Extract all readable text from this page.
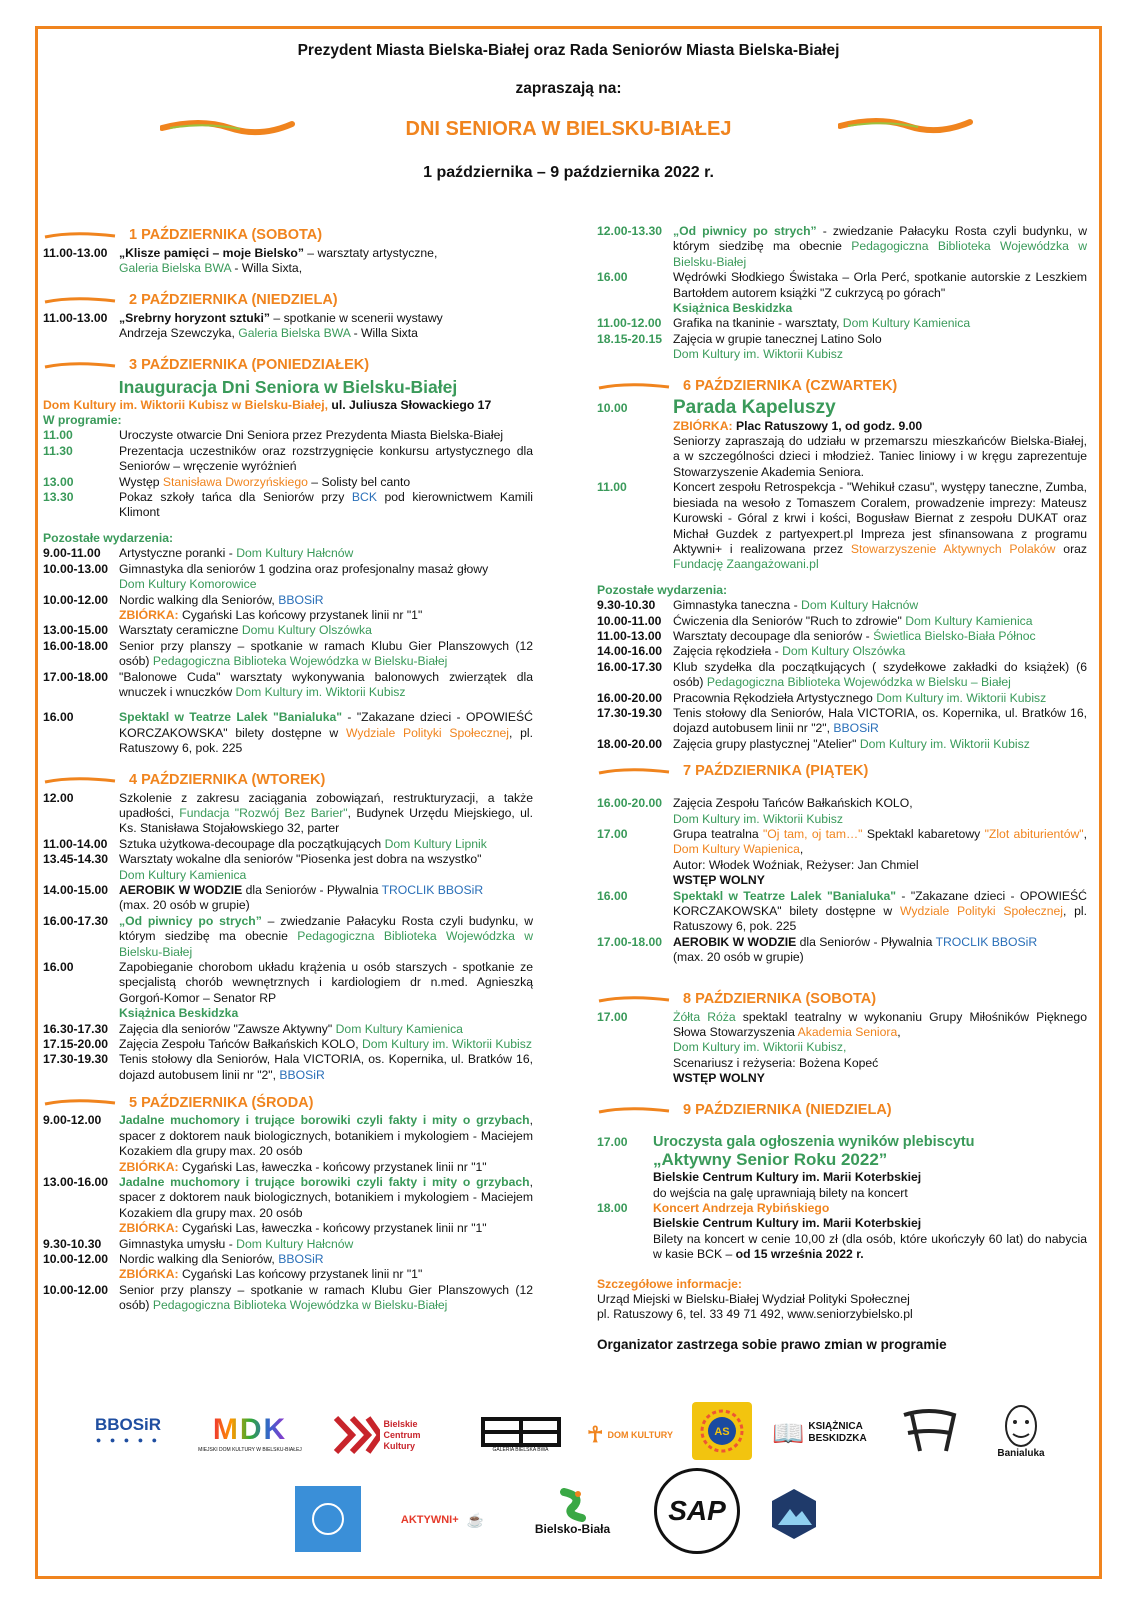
Prezydent Miasta Bielska-Białej oraz Rada Seniorów Miasta Bielska-Białej
zapraszają na:
DNI SENIORA W BIELSKU-BIAŁEJ
1 października – 9 października 2022 r.
1 PAŹDZIERNIKA (SOBOTA)
11.00-13.00 „Klisze pamięci – moje Bielsko” – warsztaty artystyczne,
Galeria Bielska BWA - Willa Sixta,
2 PAŹDZIERNIKA (NIEDZIELA)
11.00-13.00 „Srebrny horyzont sztuki” – spotkanie w scenerii wystawy
Andrzeja Szewczyka, Galeria Bielska BWA - Willa Sixta
3 PAŹDZIERNIKA (PONIEDZIAŁEK)
Inauguracja Dni Seniora w Bielsku-Białej
Dom Kultury im. Wiktorii Kubisz w Bielsku-Białej, ul. Juliusza Słowackiego 17
W programie:
11.00	Uroczyste otwarcie Dni Seniora przez Prezydenta Miasta Bielska-Białej
11.30	Prezentacja uczestników oraz rozstrzygnięcie konkursu artystycznego dla Seniorów – wręczenie wyróżnień
13.00	Występ Stanisława Dworzyńskiego – Solisty bel canto
13.30	Pokaz szkoły tańca dla Seniorów przy BCK pod kierownictwem Kamili Klimont
Pozostałe wydarzenia:
9.00-11.00	Artystyczne poranki - Dom Kultury Hałcnów
10.00-13.00 Gimnastyka dla seniorów 1 godzina oraz profesjonalny masaż głowy
Dom Kultury Komorowice
10.00-12.00 Nordic walking dla Seniorów, BBOSiR
ZBIÓRKA: Cygański Las końcowy przystanek linii nr "1"
13.00-15.00 Warsztaty ceramiczne Domu Kultury Olszówka
16.00-18.00 Senior przy planszy – spotkanie w ramach Klubu Gier Planszowych (12 osób) Pedagogiczna Biblioteka Wojewódzka w Bielsku-Białej
17.00-18.00 "Balonowe Cuda" warsztaty wykonywania balonowych zwierzątek dla wnuczek i wnuczków Dom Kultury im. Wiktorii Kubisz
16.00	Spektakl w Teatrze Lalek "Banialuka" - "Zakazane dzieci - OPOWIEŚĆ KORCZAKOWSKA" bilety dostępne w Wydziale Polityki Społecznej, pl. Ratuszowy 6, pok. 225
4 PAŹDZIERNIKA (WTOREK)
12.00	Szkolenie z zakresu zaciągania zobowiązań, restrukturyzacji, a także upadłości, Fundacja "Rozwój Bez Barier", Budynek Urzędu Miejskiego, ul. Ks. Stanisława Stojałowskiego 32, parter
11.00-14.00 Sztuka użytkowa-decoupage dla początkujących Dom Kultury Lipnik
13.45-14.30 Warsztaty wokalne dla seniorów "Piosenka jest dobra na wszystko"
Dom Kultury Kamienica
14.00-15.00 AEROBIK W WODZIE dla Seniorów - Pływalnia TROCLIK BBOSiR
(max. 20 osób w grupie)
16.00-17.30 „Od piwnicy po strych” – zwiedzanie Pałacyku Rosta czyli budynku, w którym siedzibę ma obecnie Pedagogiczna Biblioteka Wojewódzka w Bielsku-Białej
16.00	Zapobieganie chorobom układu krążenia u osób starszych - spotkanie ze specjalistą chorób wewnętrznych i kardiologiem dr n.med. Agnieszką Gorgoń-Komor – Senator RP
Książnica Beskidzka
16.30-17.30 Zajęcia dla seniorów "Zawsze Aktywny" Dom Kultury Kamienica
17.15-20.00 Zajęcia Zespołu Tańców Bałkańskich KOLO, Dom Kultury im. Wiktorii Kubisz
17.30-19.30 Tenis stołowy dla Seniorów, Hala VICTORIA, os. Kopernika, ul. Bratków 16, dojazd autobusem linii nr "2", BBOSiR
5 PAŹDZIERNIKA (ŚRODA)
9.00-12.00	Jadalne muchomory i trujące borowiki czyli fakty i mity o grzybach, spacer z doktorem nauk biologicznych, botanikiem i mykologiem - Maciejem Kozakiem dla grupy max. 20 osób
ZBIÓRKA: Cygański Las, ławeczka - końcowy przystanek linii nr "1"
13.00-16.00 Jadalne muchomory i trujące borowiki czyli fakty i mity o grzybach, spacer z doktorem nauk biologicznych, botanikiem i mykologiem - Maciejem Kozakiem dla grupy max. 20 osób
ZBIÓRKA: Cygański Las, ławeczka - końcowy przystanek linii nr "1"
9.30-10.30	Gimnastyka umysłu - Dom Kultury Hałcnów
10.00-12.00 Nordic walking dla Seniorów, BBOSiR
ZBIÓRKA: Cygański Las końcowy przystanek linii nr "1"
10.00-12.00 Senior przy planszy – spotkanie w ramach Klubu Gier Planszowych (12 osób) Pedagogiczna Biblioteka Wojewódzka w Bielsku-Białej
12.00-13.30 „Od piwnicy po strych” - zwiedzanie Pałacyku Rosta czyli budynku, w którym siedzibę ma obecnie Pedagogiczna Biblioteka Wojewódzka w Bielsku-Białej
16.00	Wędrówki Słodkiego Świstaka – Orla Perć, spotkanie autorskie z Leszkiem Bartołdem autorem książki "Z cukrzycą po górach"
Książnica Beskidzka
11.00-12.00 Grafika na tkaninie - warsztaty, Dom Kultury Kamienica
18.15-20.15 Zajęcia w grupie tanecznej Latino Solo
Dom Kultury im. Wiktorii Kubisz
6 PAŹDZIERNIKA (CZWARTEK)
10.00	Parada Kapeluszy
ZBIÓRKA: Plac Ratuszowy 1, od godz. 9.00
Seniorzy zapraszają do udziału w przemarszu mieszkańców Bielska-Białej, a w szczególności dzieci i młodzież. Taniec liniowy i w kręgu zaprezentuje Stowarzyszenie Akademia Seniora.
11.00	Koncert zespołu Retrospekcja - "Wehikuł czasu", występy taneczne, Zumba, biesiada na wesoło z Tomaszem Coralem, prowadzenie imprezy: Mateusz Kurowski - Góral z krwi i kości, Bogusław Biernat z zespołu DUKAT oraz Michał Guzdek z partyexpert.pl Impreza jest sfinansowana z programu Aktywni+ i realizowana przez Stowarzyszenie Aktywnych Polaków oraz Fundację Zaangażowani.pl
Pozostałe wydarzenia:
9.30-10.30	Gimnastyka taneczna - Dom Kultury Hałcnów
10.00-11.00 Ćwiczenia dla Seniorów "Ruch to zdrowie" Dom Kultury Kamienica
11.00-13.00 Warsztaty decoupage dla seniorów - Świetlica Bielsko-Biała Północ
14.00-16.00 Zajęcia rękodzieła - Dom Kultury Olszówka
16.00-17.30 Klub szydełka dla początkujących ( szydełkowe zakładki do książek) (6 osób) Pedagogiczna Biblioteka Wojewódzka w Bielsku – Białej
16.00-20.00 Pracownia Rękodzieła Artystycznego Dom Kultury im. Wiktorii Kubisz
17.30-19.30 Tenis stołowy dla Seniorów, Hala VICTORIA, os. Kopernika, ul. Bratków 16, dojazd autobusem linii nr "2", BBOSiR
18.00-20.00 Zajęcia grupy plastycznej "Atelier" Dom Kultury im. Wiktorii Kubisz
7 PAŹDZIERNIKA (PIĄTEK)
16.00-20.00 Zajęcia Zespołu Tańców Bałkańskich KOLO,
Dom Kultury im. Wiktorii Kubisz
17.00	Grupa teatralna "Oj tam, oj tam…" Spektakl kabaretowy "Zlot abiturientów", Dom Kultury Wapienica,
Autor: Włodek Woźniak, Reżyser: Jan Chmiel
WSTĘP WOLNY
16.00	Spektakl w Teatrze Lalek "Banialuka" - "Zakazane dzieci - OPOWIEŚĆ KORCZAKOWSKA" bilety dostępne w Wydziale Polityki Społecznej, pl. Ratuszowy 6, pok. 225
17.00-18.00 AEROBIK W WODZIE dla Seniorów - Pływalnia TROCLIK BBOSiR
(max. 20 osób w grupie)
8 PAŹDZIERNIKA (SOBOTA)
17.00	Żółta Róża spektakl teatralny w wykonaniu Grupy Miłośników Pięknego Słowa Stowarzyszenia Akademia Seniora,
Dom Kultury im. Wiktorii Kubisz,
Scenariusz i reżyseria: Bożena Kopeć
WSTĘP WOLNY
9 PAŹDZIERNIKA (NIEDZIELA)
17.00	Uroczysta gala ogłoszenia wyników plebiscytu
„Aktywny Senior Roku 2022”
Bielskie Centrum Kultury im. Marii Koterbskiej
do wejścia na galę uprawniają bilety na koncert
18.00	Koncert Andrzeja Rybińskiego
Bielskie Centrum Kultury im. Marii Koterbskiej
Bilety na koncert w cenie 10,00 zł (dla osób, które ukończyły 60 lat) do nabycia w kasie BCK – od 15 września 2022 r.
Szczegółowe informacje:
Urząd Miejski w Bielsku-Białej Wydział Polityki Społecznej
pl. Ratuszowy 6, tel. 33 49 71 492, www.seniorzybielsko.pl
Organizator zastrzega sobie prawo zmian w programie
BBOSiR
● ● ● ● ● MDK
MIEJSKI DOM KULTURY W BIELSKU-BIAŁEJ
Bielskie Centrum Kultury	GALERIA BIELSKA BWA
☥ DOM KULTURY	AS 📖 KSIĄŻNICA BESKIDZKA
Banialuka
AKTYWNI+ ☕
Bielsko-Biała
SAP
